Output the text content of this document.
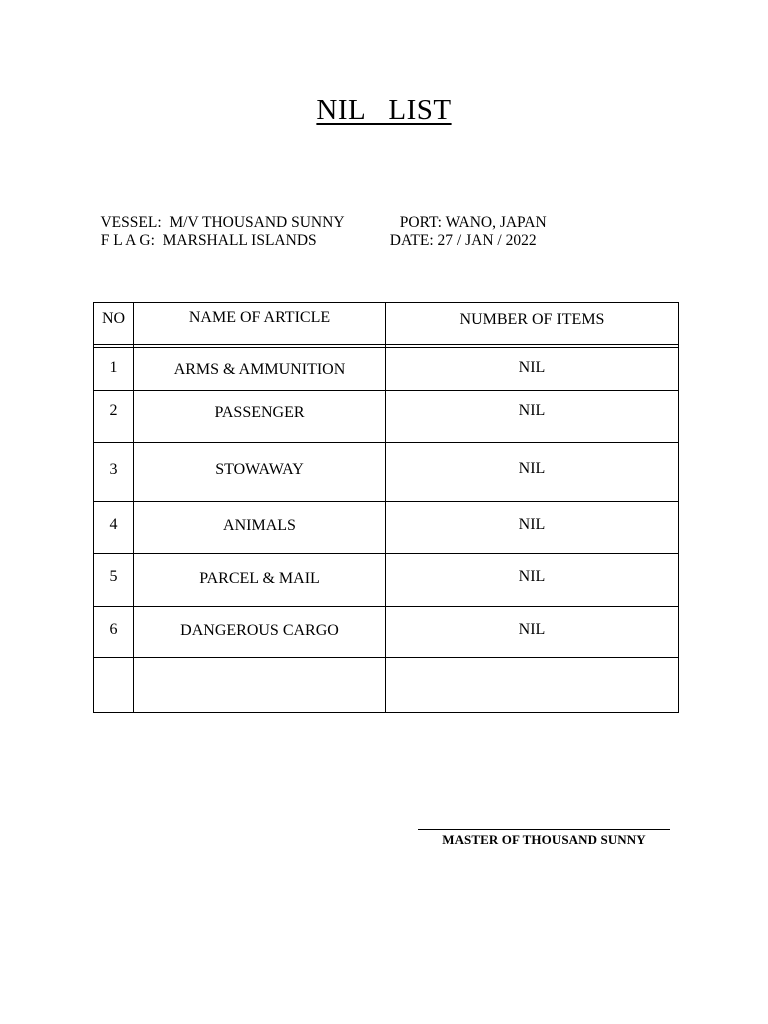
NIL   LIST

VESSEL: M/V THOUSAND SUNNY	PORT: WANO, JAPAN

F L A G: MARSHALL ISLANDS	DATE: 27 / JAN / 2022

NO	NAME OF ARTICLE	NUMBER OF ITEMS

1	ARMS & AMMUNITION	NIL
2	PASSENGER	NIL
3	STOWAWAY	NIL
4	ANIMALS	NIL
5	PARCEL & MAIL	NIL
6	DANGEROUS CARGO	NIL

MASTER OF THOUSAND SUNNY
